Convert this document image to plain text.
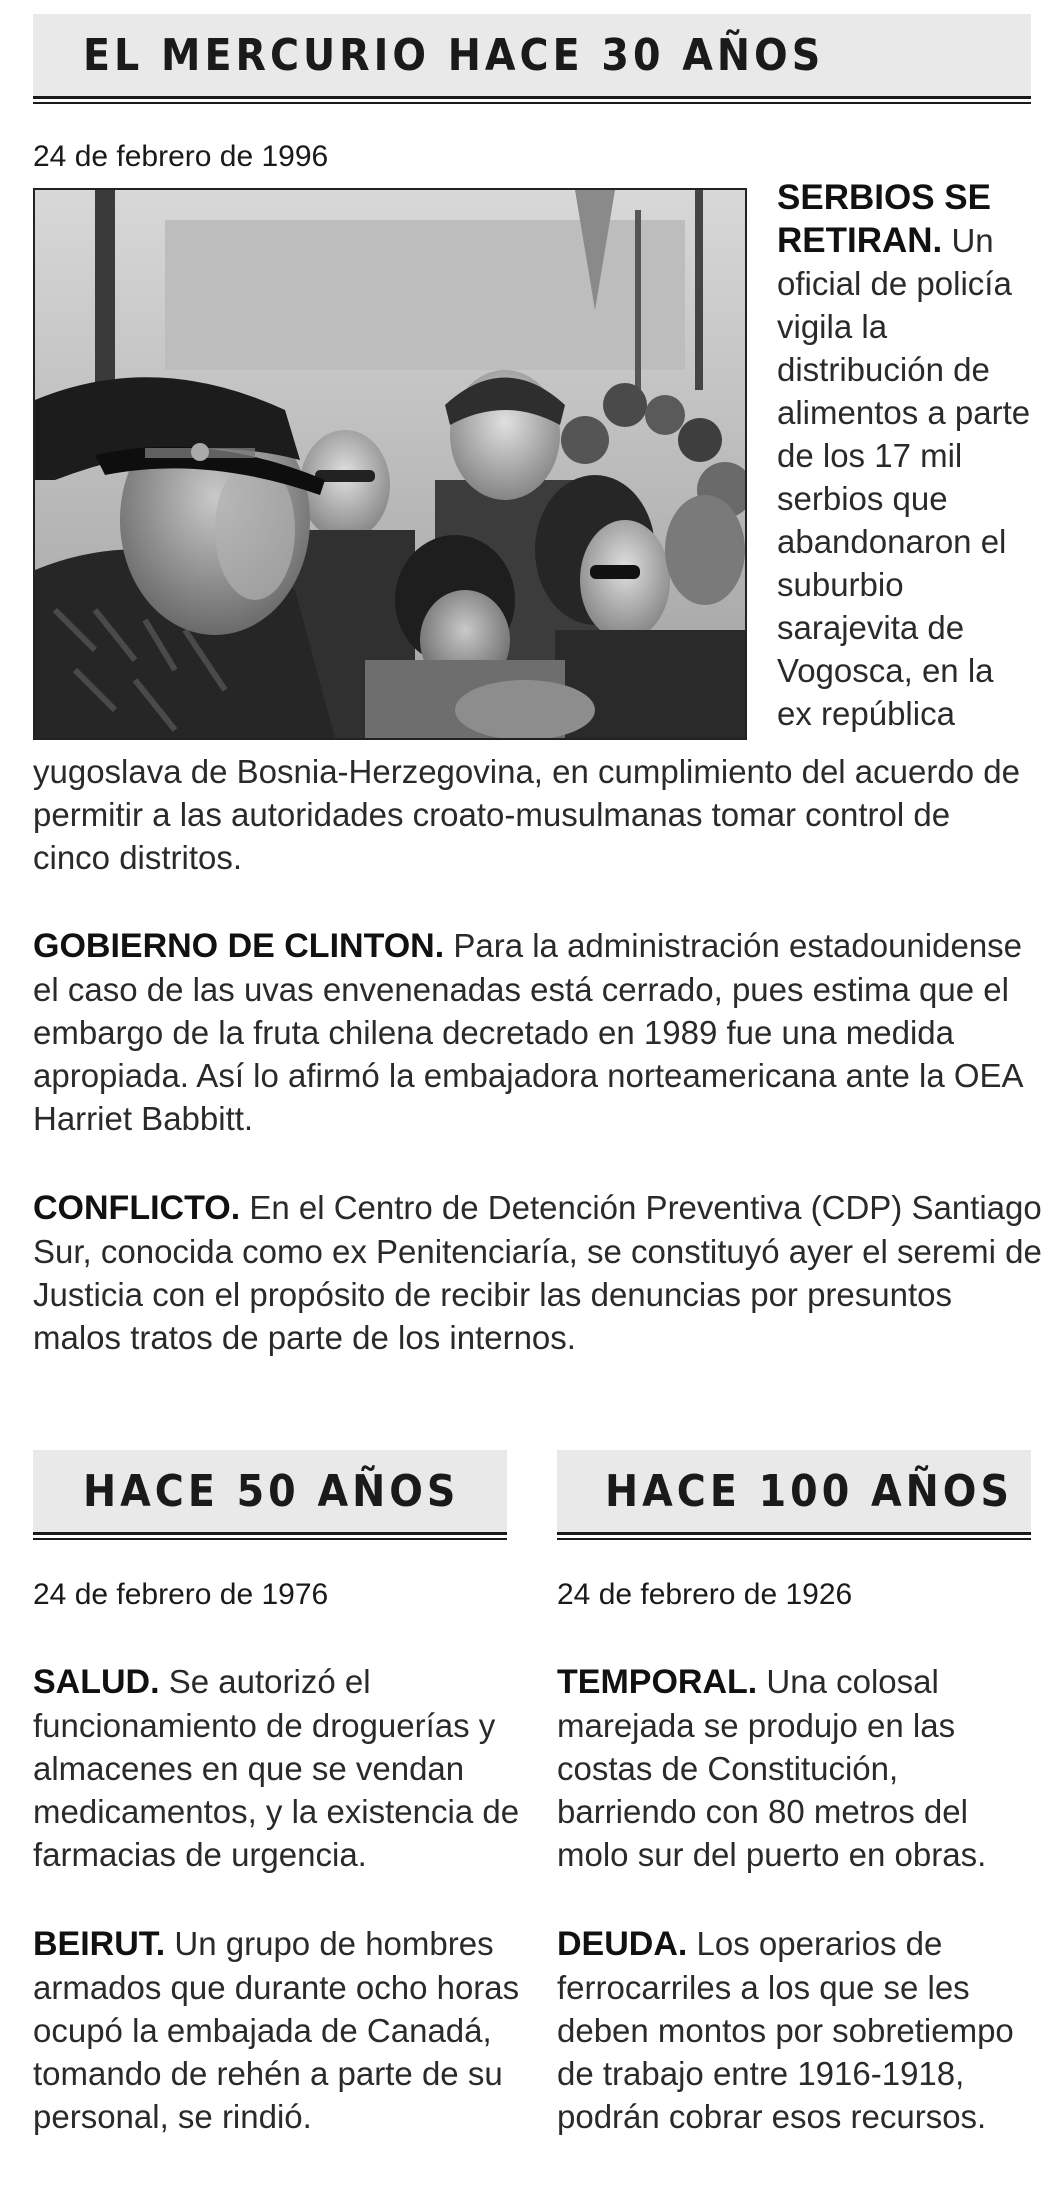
EL MERCURIO HACE 30 AÑOS
24 de febrero de 1996
SERBIOS SE RETIRAN. Un oficial de policía vigila la distribución de alimentos a parte de los 17 mil serbios que abandonaron el suburbio sarajevita de Vogosca, en la ex república
yugoslava de Bosnia-Herzegovina, en cumplimiento del acuerdo de permitir a las autoridades croato-musulmanas tomar control de cinco distritos.
GOBIERNO DE CLINTON. Para la administración estadounidense el caso de las uvas envenenadas está cerrado, pues estima que el embargo de la fruta chilena decretado en 1989 fue una medida apropiada. Así lo afirmó la embajadora norteamericana ante la OEA Harriet Babbitt.
CONFLICTO. En el Centro de Detención Preventiva (CDP) Santiago Sur, conocida como ex Penitenciaría, se constituyó ayer el seremi de Justicia con el propósito de recibir las denuncias por presuntos malos tratos de parte de los internos.
HACE 50 AÑOS
24 de febrero de 1976
SALUD. Se autorizó el funcionamiento de droguerías y almacenes en que se vendan medicamentos, y la existencia de farmacias de urgencia.
BEIRUT. Un grupo de hombres armados que durante ocho horas ocupó la embajada de Canadá, tomando de rehén a parte de su personal, se rindió.
HACE 100 AÑOS
24 de febrero de 1926
TEMPORAL. Una colosal marejada se produjo en las costas de Constitución, barriendo con 80 metros del molo sur del puerto en obras.
DEUDA. Los operarios de ferrocarriles a los que se les deben montos por sobretiempo de trabajo entre 1916-1918, podrán cobrar esos recursos.
